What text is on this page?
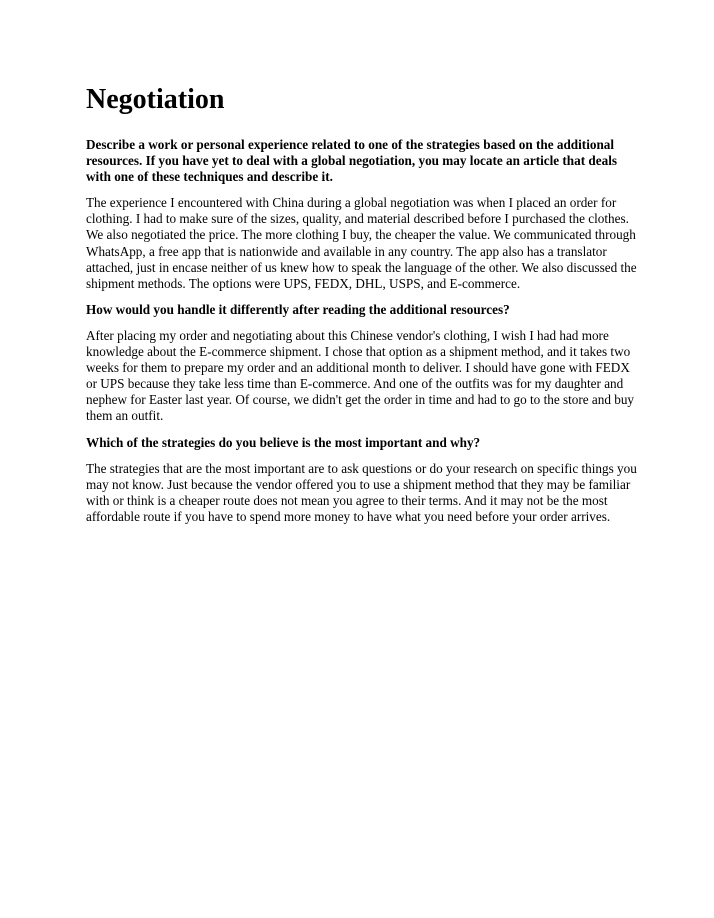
Negotiation

Describe a work or personal experience related to one of the strategies based on the additional resources. If you have yet to deal with a global negotiation, you may locate an article that deals with one of these techniques and describe it.

The experience I encountered with China during a global negotiation was when I placed an order for clothing. I had to make sure of the sizes, quality, and material described before I purchased the clothes. We also negotiated the price. The more clothing I buy, the cheaper the value. We communicated through WhatsApp, a free app that is nationwide and available in any country. The app also has a translator attached, just in encase neither of us knew how to speak the language of the other. We also discussed the shipment methods. The options were UPS, FEDX, DHL, USPS, and E-commerce.

How would you handle it differently after reading the additional resources?

After placing my order and negotiating about this Chinese vendor's clothing, I wish I had had more knowledge about the E-commerce shipment. I chose that option as a shipment method, and it takes two weeks for them to prepare my order and an additional month to deliver. I should have gone with FEDX or UPS because they take less time than E-commerce. And one of the outfits was for my daughter and nephew for Easter last year. Of course, we didn't get the order in time and had to go to the store and buy them an outfit.

Which of the strategies do you believe is the most important and why?

The strategies that are the most important are to ask questions or do your research on specific things you may not know. Just because the vendor offered you to use a shipment method that they may be familiar with or think is a cheaper route does not mean you agree to their terms. And it may not be the most affordable route if you have to spend more money to have what you need before your order arrives.
